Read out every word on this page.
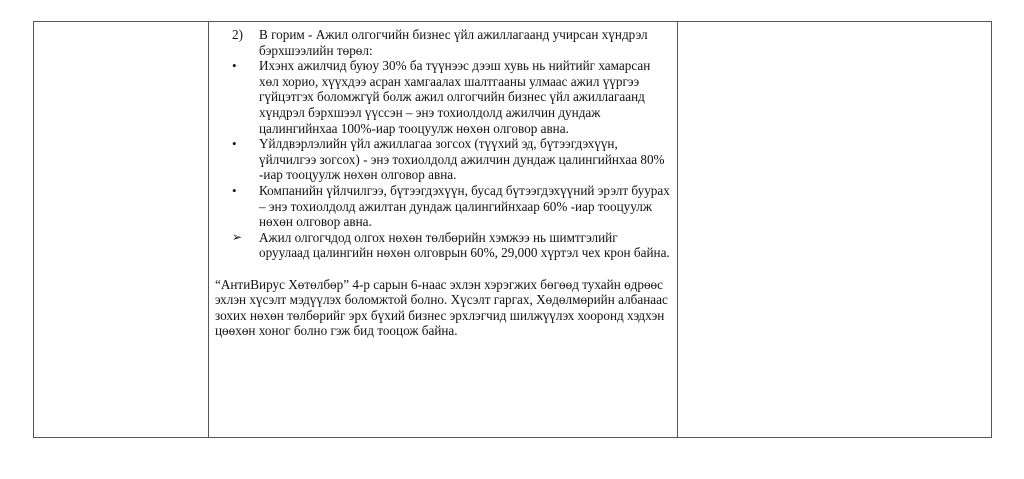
2)	В горим - Ажил олгогчийн бизнес үйл ажиллагаанд учирсан хүндрэл бэрхшээлийн төрөл:
•	Ихэнх ажилчид буюу 30% ба түүнээс дээш хувь нь нийтийг хамарсан хөл хорио, хүүхдээ асран хамгаалах шалтгааны улмаас ажил үүргээ гүйцэтгэх боломжгүй болж ажил олгогчийн бизнес үйл ажиллагаанд хүндрэл бэрхшээл үүссэн – энэ тохиолдолд ажилчин дундаж цалингийнхаа 100%-иар тооцуулж нөхөн олговор авна.
•	Үйлдвэрлэлийн үйл ажиллагаа зогсох (түүхий эд, бүтээгдэхүүн, үйлчилгээ зогсох) - энэ тохиолдолд ажилчин дундаж цалингийнхаа 80% -иар тооцуулж нөхөн олговор авна.
•	Компанийн үйлчилгээ, бүтээгдэхүүн, бусад бүтээгдэхүүний эрэлт буурах – энэ тохиолдолд ажилтан дундаж цалингийнхаар 60% -иар тооцуулж нөхөн олговор авна.
➢	Ажил олгогчдод олгох нөхөн төлбөрийн хэмжээ нь шимтгэлийг оруулаад цалингийн нөхөн олговрын 60%, 29,000 хүртэл чех крон байна.

“АнтиВирус Хөтөлбөр” 4-р сарын 6-наас эхлэн хэрэгжих бөгөөд тухайн өдрөөс эхлэн хүсэлт мэдүүлэх боломжтой болно. Хүсэлт гаргах, Хөдөлмөрийн албанаас зохих нөхөн төлбөрийг эрх бүхий бизнес эрхлэгчид шилжүүлэх хооронд хэдхэн цөөхөн хоног болно гэж бид тооцож байна.
